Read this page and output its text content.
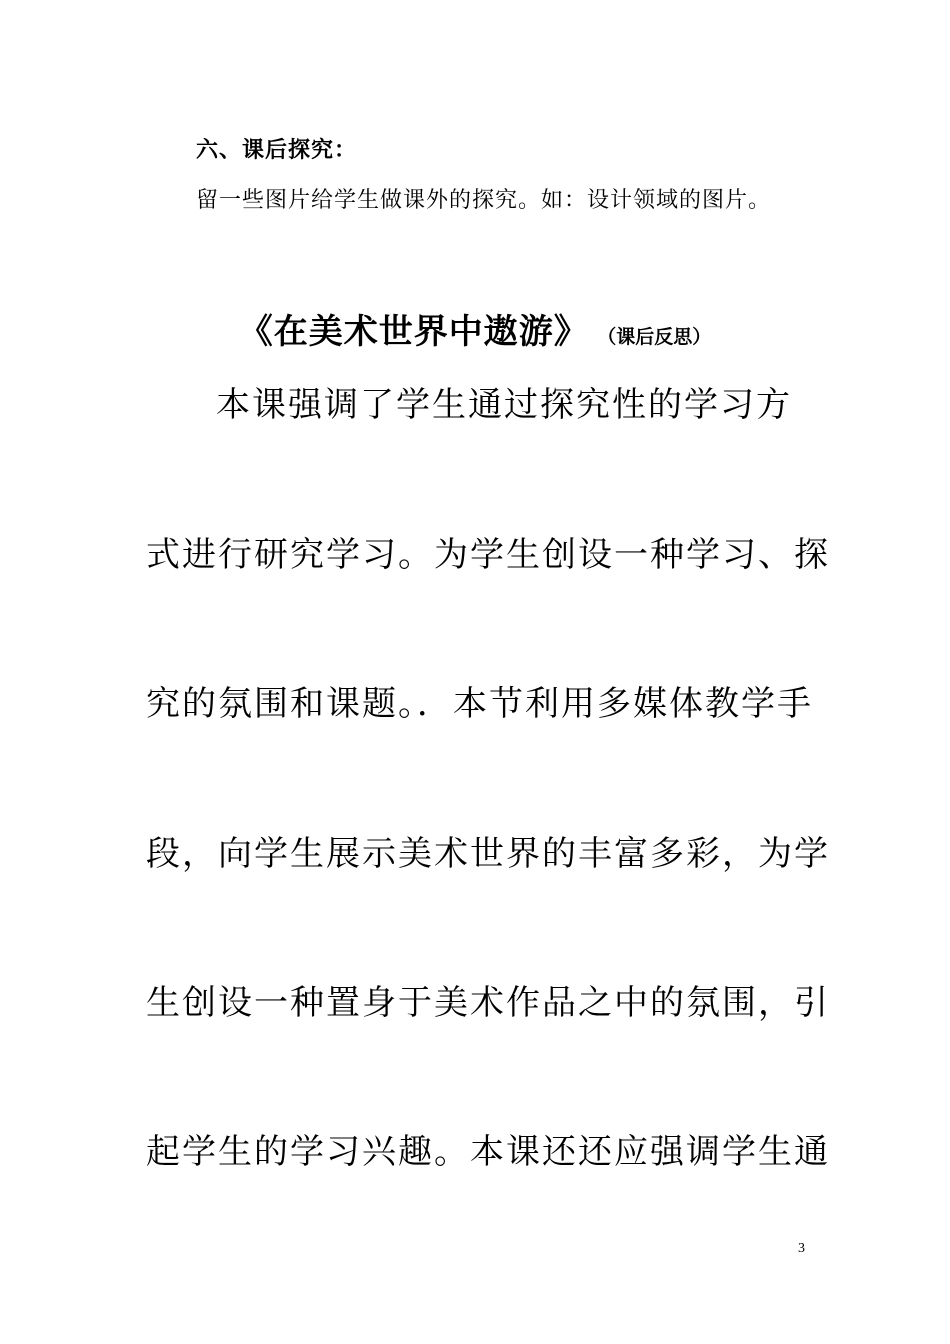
六、课后探究：
留一些图片给学生做课外的探究。如：设计领域的图片。
《在美术世界中遨游》 （课后反思）
本课强调了学生通过探究性的学习方
式进行研究学习。为学生创设一种学习、探
究的氛围和课题。．本节利用多媒体教学手
段，向学生展示美术世界的丰富多彩，为学
生创设一种置身于美术作品之中的氛围，引
起学生的学习兴趣。本课还还应强调学生通
3
